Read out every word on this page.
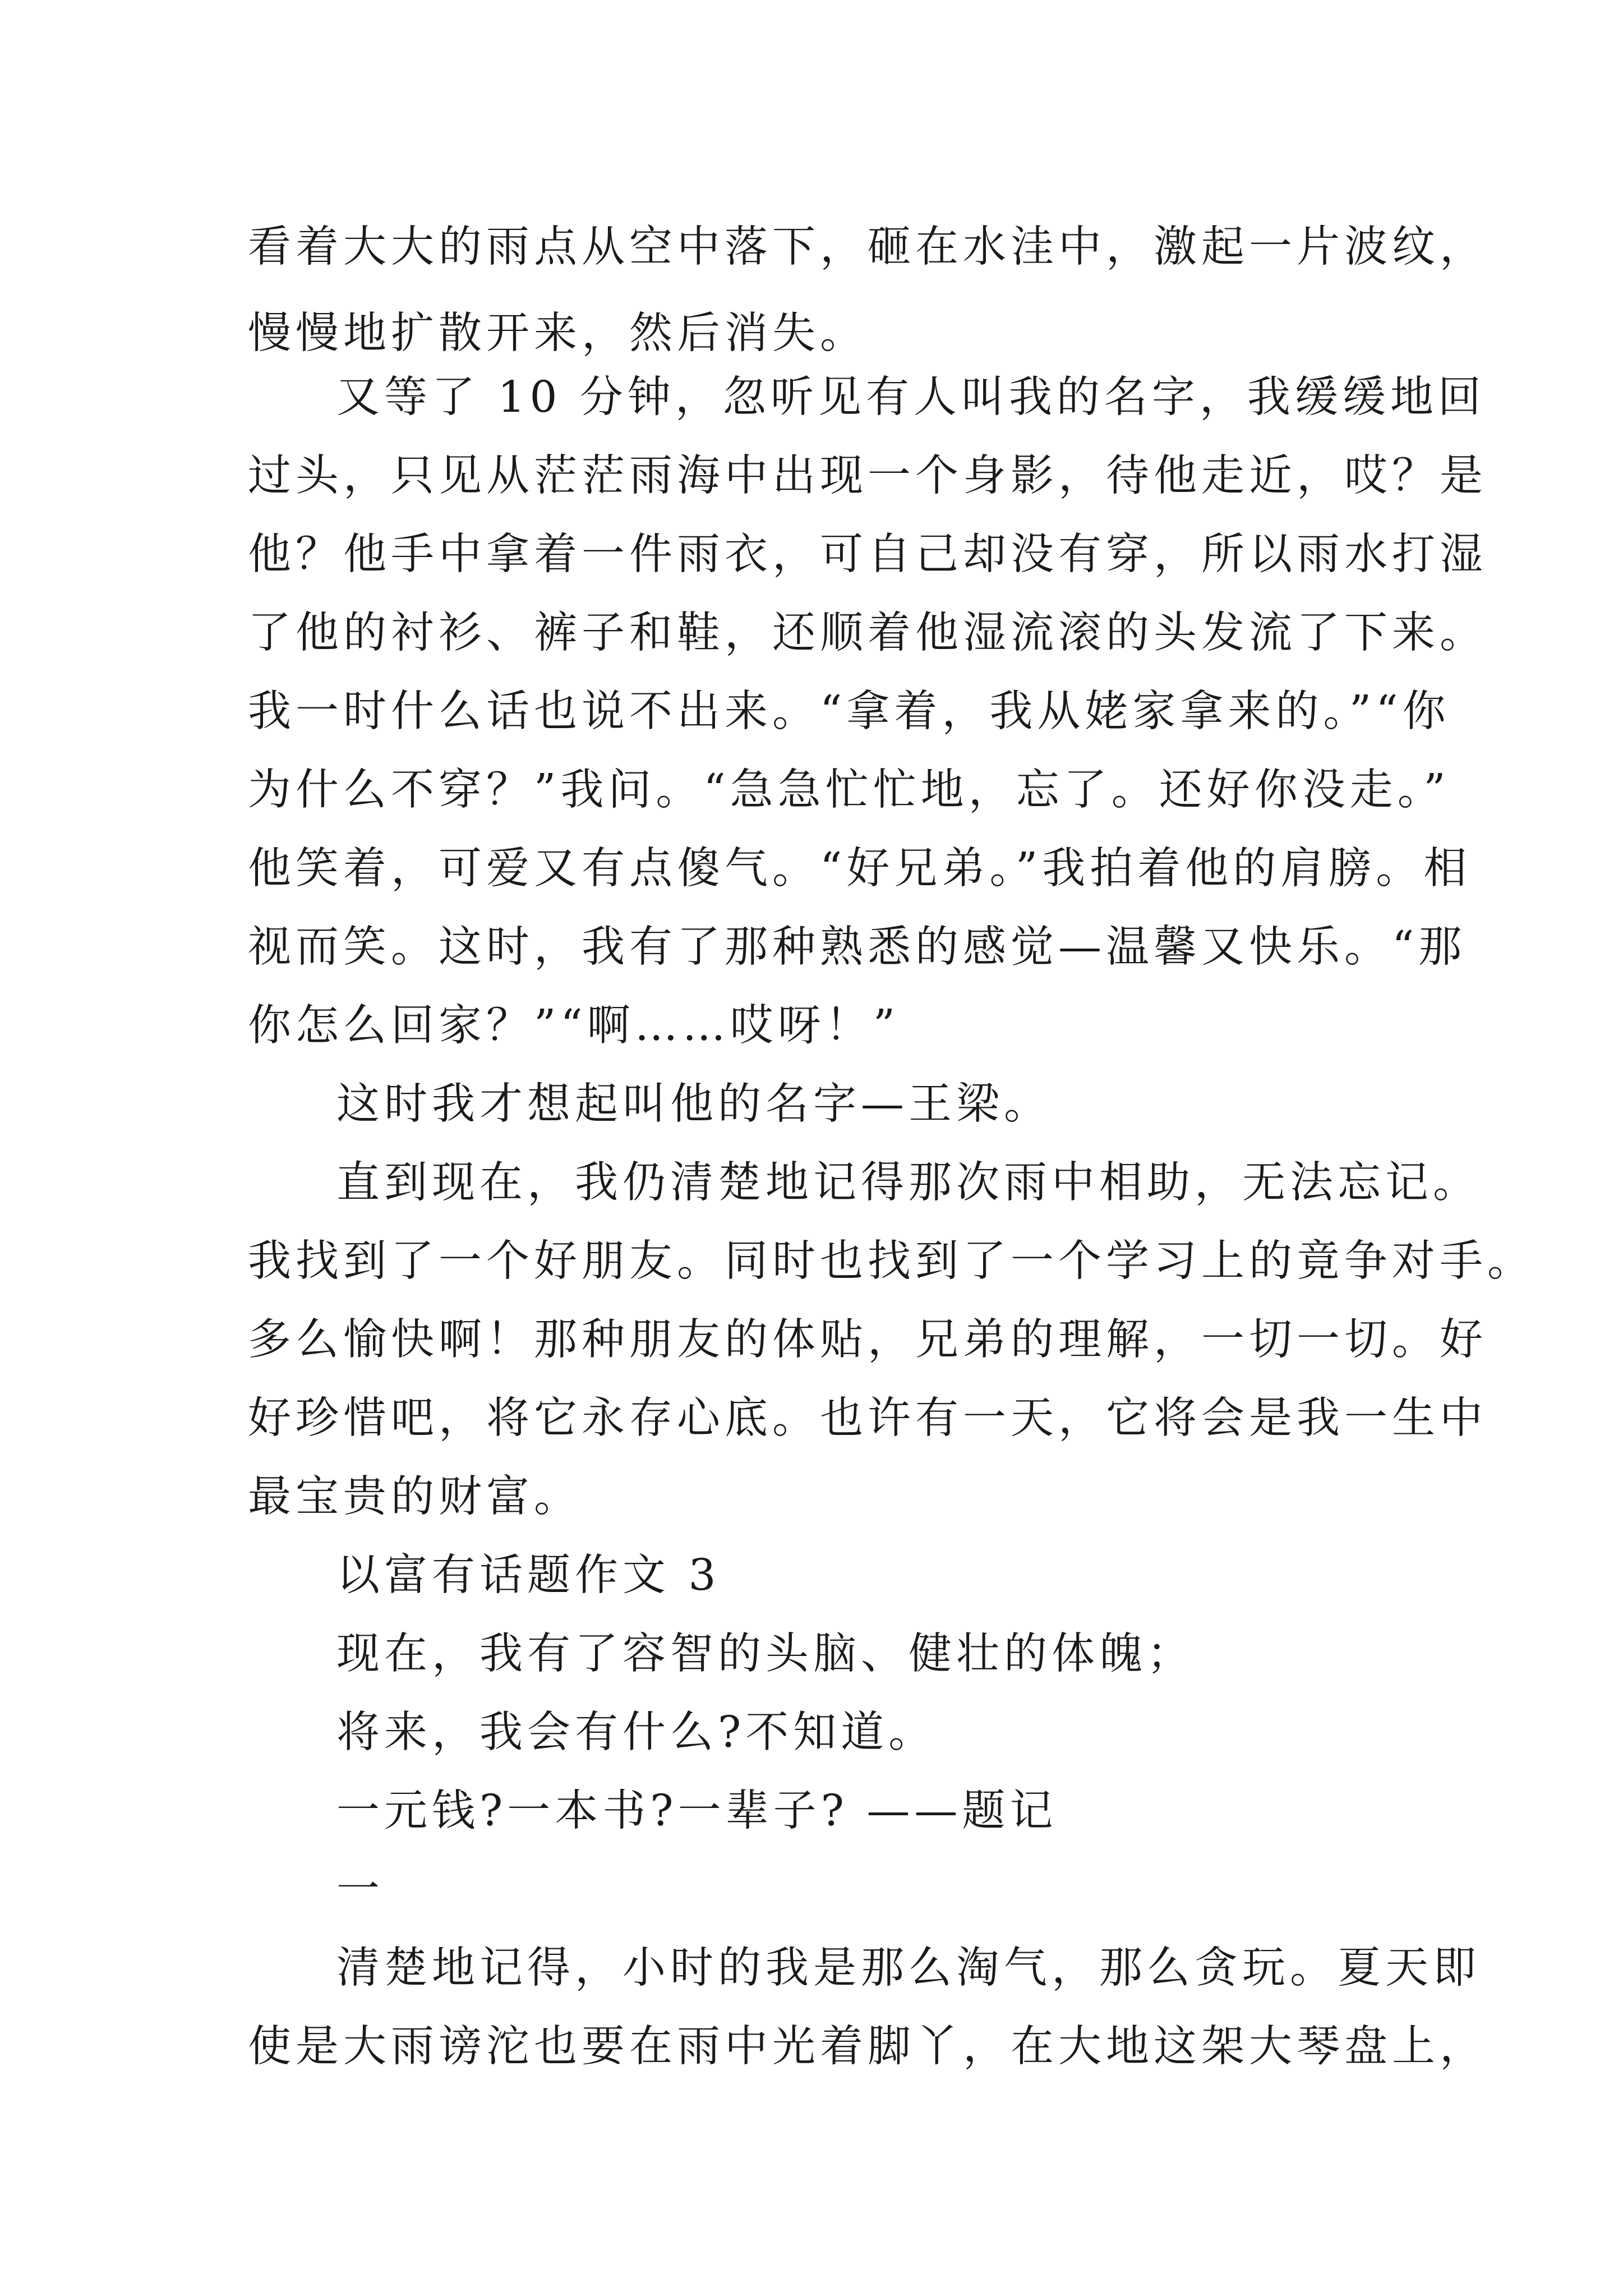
看着大大的雨点从空中落下，砸在水洼中，激起一片波纹，
慢慢地扩散开来，然后消失。
又等了 10 分钟，忽听见有人叫我的名字，我缓缓地回
过头，只见从茫茫雨海中出现一个身影，待他走近，哎？是
他？他手中拿着一件雨衣，可自己却没有穿，所以雨水打湿
了他的衬衫、裤子和鞋，还顺着他湿流滚的头发流了下来。
我一时什么话也说不出来。“拿着，我从姥家拿来的。”“你
为什么不穿？”我问。“急急忙忙地，忘了。还好你没走。”
他笑着，可爱又有点傻气。“好兄弟。”我拍着他的肩膀。相
视而笑。这时，我有了那种熟悉的感觉—温馨又快乐。“那
你怎么回家？”“啊……哎呀！”
这时我才想起叫他的名字—王梁。
直到现在，我仍清楚地记得那次雨中相助，无法忘记。
我找到了一个好朋友。同时也找到了一个学习上的竟争对手。
多么愉快啊！那种朋友的体贴，兄弟的理解，一切一切。好
好珍惜吧，将它永存心底。也许有一天，它将会是我一生中
最宝贵的财富。
以富有话题作文 3
现在，我有了容智的头脑、健壮的体魄；
将来，我会有什么?不知道。
一元钱?一本书?一辈子? ——题记
一
清楚地记得，小时的我是那么淘气，那么贪玩。夏天即
使是大雨谤沱也要在雨中光着脚丫，在大地这架大琴盘上，
